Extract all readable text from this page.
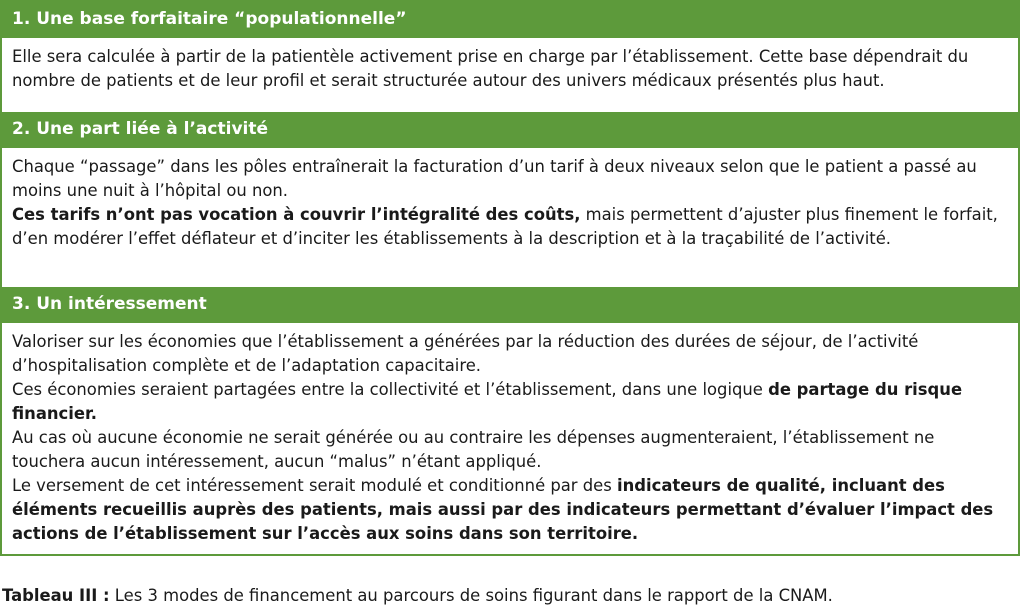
1. Une base forfaitaire “populationnelle”
Elle sera calculée à partir de la patientèle activement prise en charge par l’établissement. Cette base dépendrait du nombre de patients et de leur profil et serait structurée autour des univers médicaux présentés plus haut.
2. Une part liée à l’activité
Chaque “passage” dans les pôles entraînerait la facturation d’un tarif à deux niveaux selon que le patient a passé au moins une nuit à l’hôpital ou non.
Ces tarifs n’ont pas vocation à couvrir l’intégralité des coûts, mais permettent d’ajuster plus finement le forfait, d’en modérer l’effet déflateur et d’inciter les établissements à la description et à la traçabilité de l’activité.
3. Un intéressement
Valoriser sur les économies que l’établissement a générées par la réduction des durées de séjour, de l’activité d’hospitalisation complète et de l’adaptation capacitaire.
Ces économies seraient partagées entre la collectivité et l’établissement, dans une logique de partage du risque financier.
Au cas où aucune économie ne serait générée ou au contraire les dépenses augmenteraient, l’établissement ne touchera aucun intéressement, aucun “malus” n’étant appliqué.
Le versement de cet intéressement serait modulé et conditionné par des indicateurs de qualité, incluant des éléments recueillis auprès des patients, mais aussi par des indicateurs permettant d’évaluer l’impact des actions de l’établissement sur l’accès aux soins dans son territoire.
Tableau III : Les 3 modes de financement au parcours de soins figurant dans le rapport de la CNAM.
